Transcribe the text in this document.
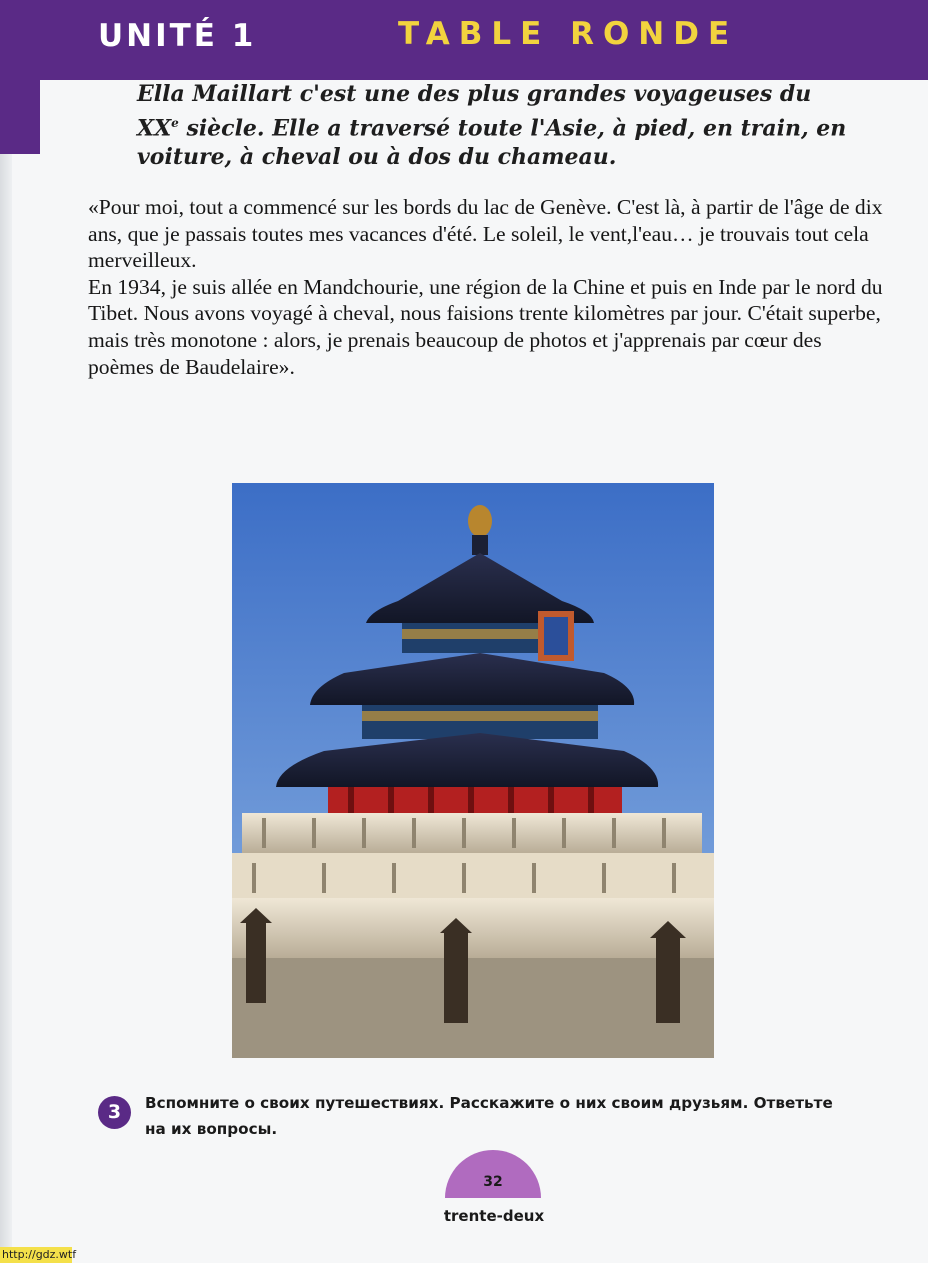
UNITÉ 1	TABLE RONDE
Ella Maillart c'est une des plus grandes voyageuses du XXe siècle. Elle a traversé toute l'Asie, à pied, en train, en voiture, à cheval ou à dos du chameau.

«Pour moi, tout a commencé sur les bords du lac de Genève. C'est là, à partir de l'âge de dix ans, que je passais toutes mes vacances d'été. Le soleil, le vent,l'eau… je trouvais tout cela merveilleux.

En 1934, je suis allée en Mandchourie, une région de la Chine et puis en Inde par le nord du Tibet. Nous avons voyagé à cheval, nous faisions trente kilomètres par jour. C'était superbe, mais très monotone : alors, je prenais beaucoup de photos et j'apprenais par cœur des poèmes de Baudelaire».

3	Вспомните о своих путешествиях. Расскажите о них своим друзьям. Ответьте на их вопросы.
32
trente-deux
http://gdz.wtf
